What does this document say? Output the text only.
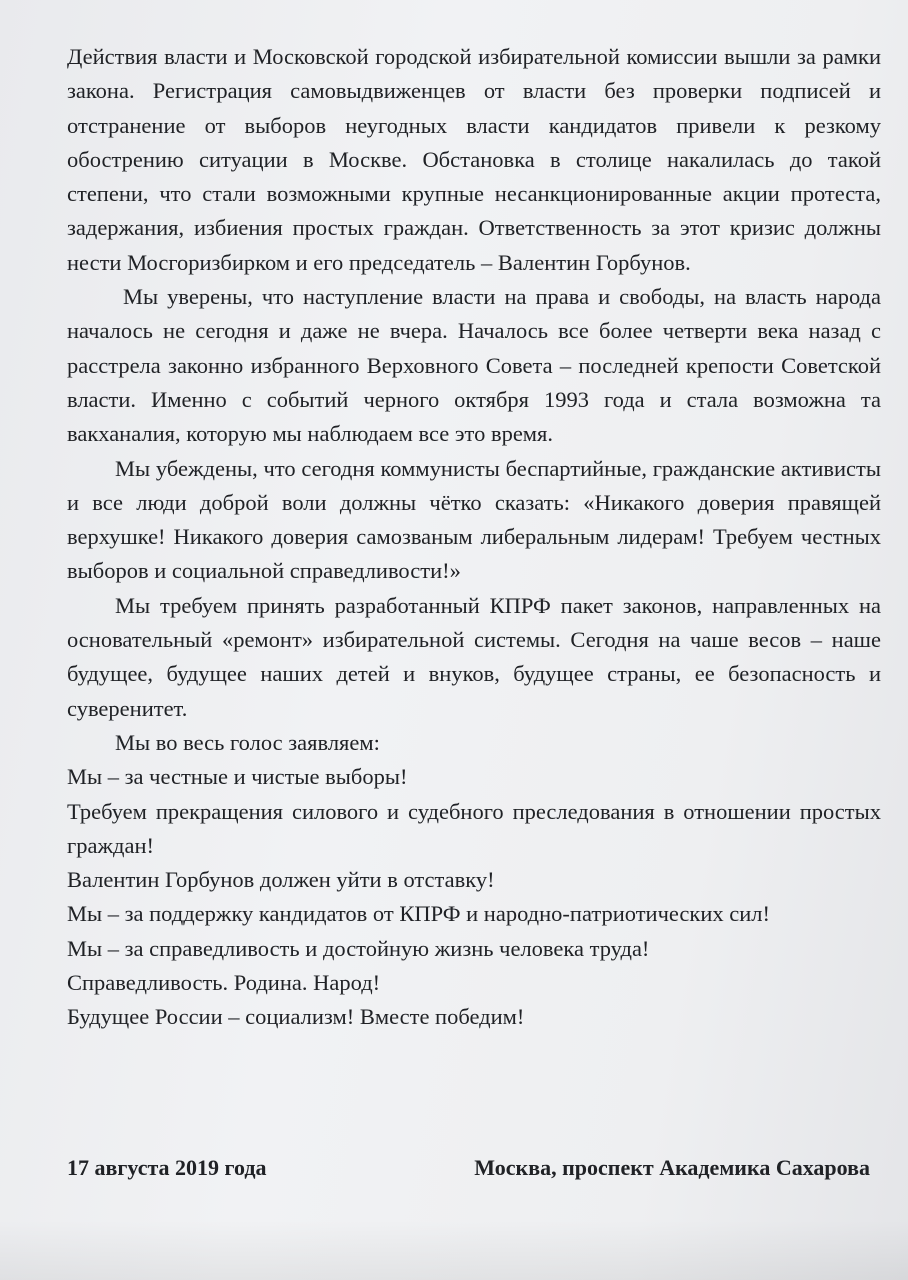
Действия власти и Московской городской избирательной комиссии вышли за рамки закона. Регистрация самовыдвиженцев от власти без проверки подписей и отстранение от выборов неугодных власти кандидатов привели к резкому обострению ситуации в Москве. Обстановка в столице накалилась до такой степени, что стали возможными крупные несанкционированные акции протеста, задержания, избиения простых граждан. Ответственность за этот кризис должны нести Мосгоризбирком и его председатель – Валентин Горбунов.

Мы уверены, что наступление власти на права и свободы, на власть народа началось не сегодня и даже не вчера. Началось все более четверти века назад с расстрела законно избранного Верховного Совета – последней крепости Советской власти. Именно с событий черного октября 1993 года и стала возможна та вакханалия, которую мы наблюдаем все это время.

Мы убеждены, что сегодня коммунисты беспартийные, гражданские активисты и все люди доброй воли должны чётко сказать: «Никакого доверия правящей верхушке! Никакого доверия самозваным либеральным лидерам! Требуем честных выборов и социальной справедливости!»

Мы требуем принять разработанный КПРФ пакет законов, направленных на основательный «ремонт» избирательной системы. Сегодня на чаше весов – наше будущее, будущее наших детей и внуков, будущее страны, ее безопасность и суверенитет.

Мы во весь голос заявляем:

Мы – за честные и чистые выборы!

Требуем прекращения силового и судебного преследования в отношении простых граждан!

Валентин Горбунов должен уйти в отставку!

Мы – за поддержку кандидатов от КПРФ и народно-патриотических сил!

Мы – за справедливость и достойную жизнь человека труда!

Справедливость. Родина. Народ!

Будущее России – социализм! Вместе победим!

17 августа 2019 года	Москва, проспект Академика Сахарова
